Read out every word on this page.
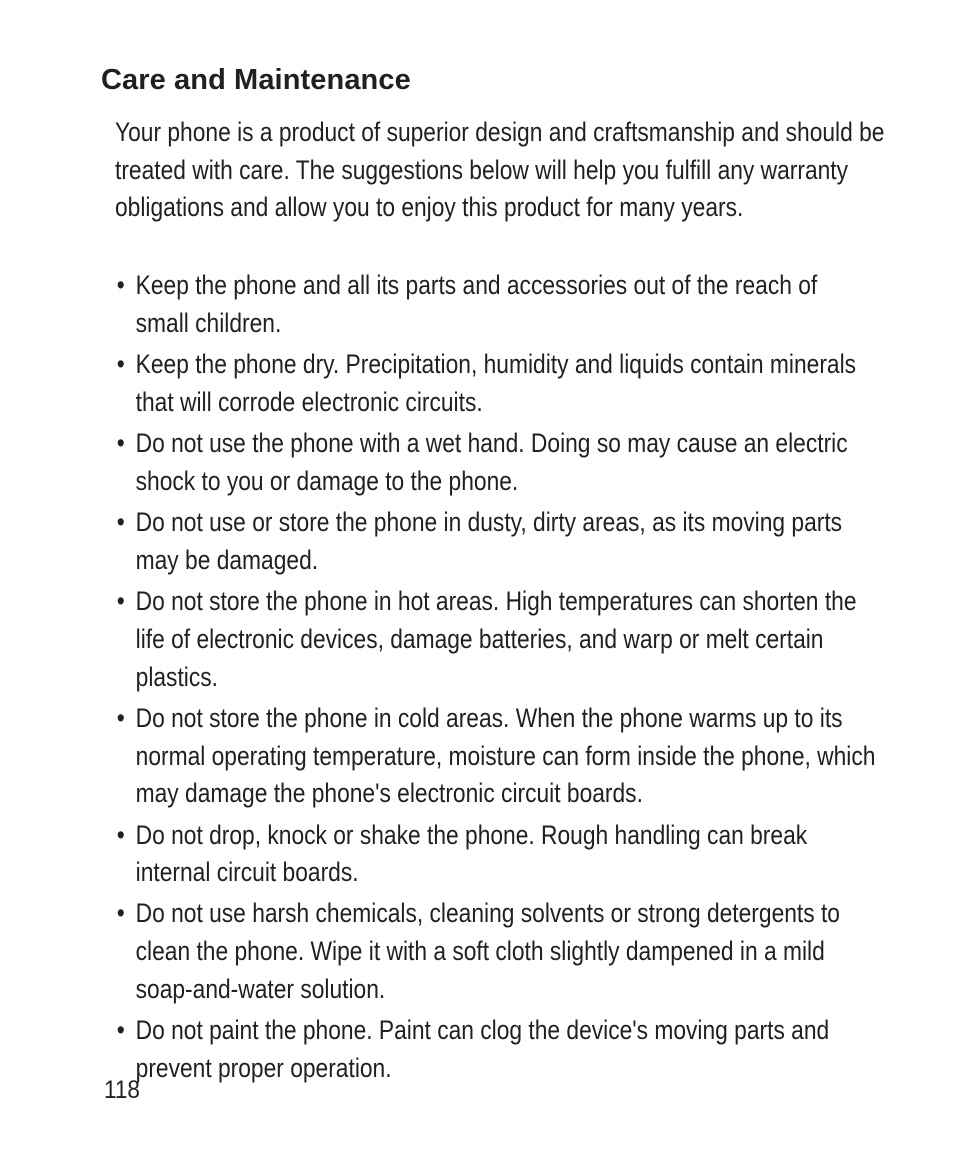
Care and Maintenance

Your phone is a product of superior design and craftsmanship and should be treated with care. The suggestions below will help you fulfill any warranty obligations and allow you to enjoy this product for many years.

• Keep the phone and all its parts and accessories out of the reach of small children.
• Keep the phone dry. Precipitation, humidity and liquids contain minerals that will corrode electronic circuits.
• Do not use the phone with a wet hand. Doing so may cause an electric shock to you or damage to the phone.
• Do not use or store the phone in dusty, dirty areas, as its moving parts may be damaged.
• Do not store the phone in hot areas. High temperatures can shorten the life of electronic devices, damage batteries, and warp or melt certain plastics.
• Do not store the phone in cold areas. When the phone warms up to its normal operating temperature, moisture can form inside the phone, which may damage the phone's electronic circuit boards.
• Do not drop, knock or shake the phone. Rough handling can break internal circuit boards.
• Do not use harsh chemicals, cleaning solvents or strong detergents to clean the phone. Wipe it with a soft cloth slightly dampened in a mild soap-and-water solution.
• Do not paint the phone. Paint can clog the device's moving parts and prevent proper operation.
118
